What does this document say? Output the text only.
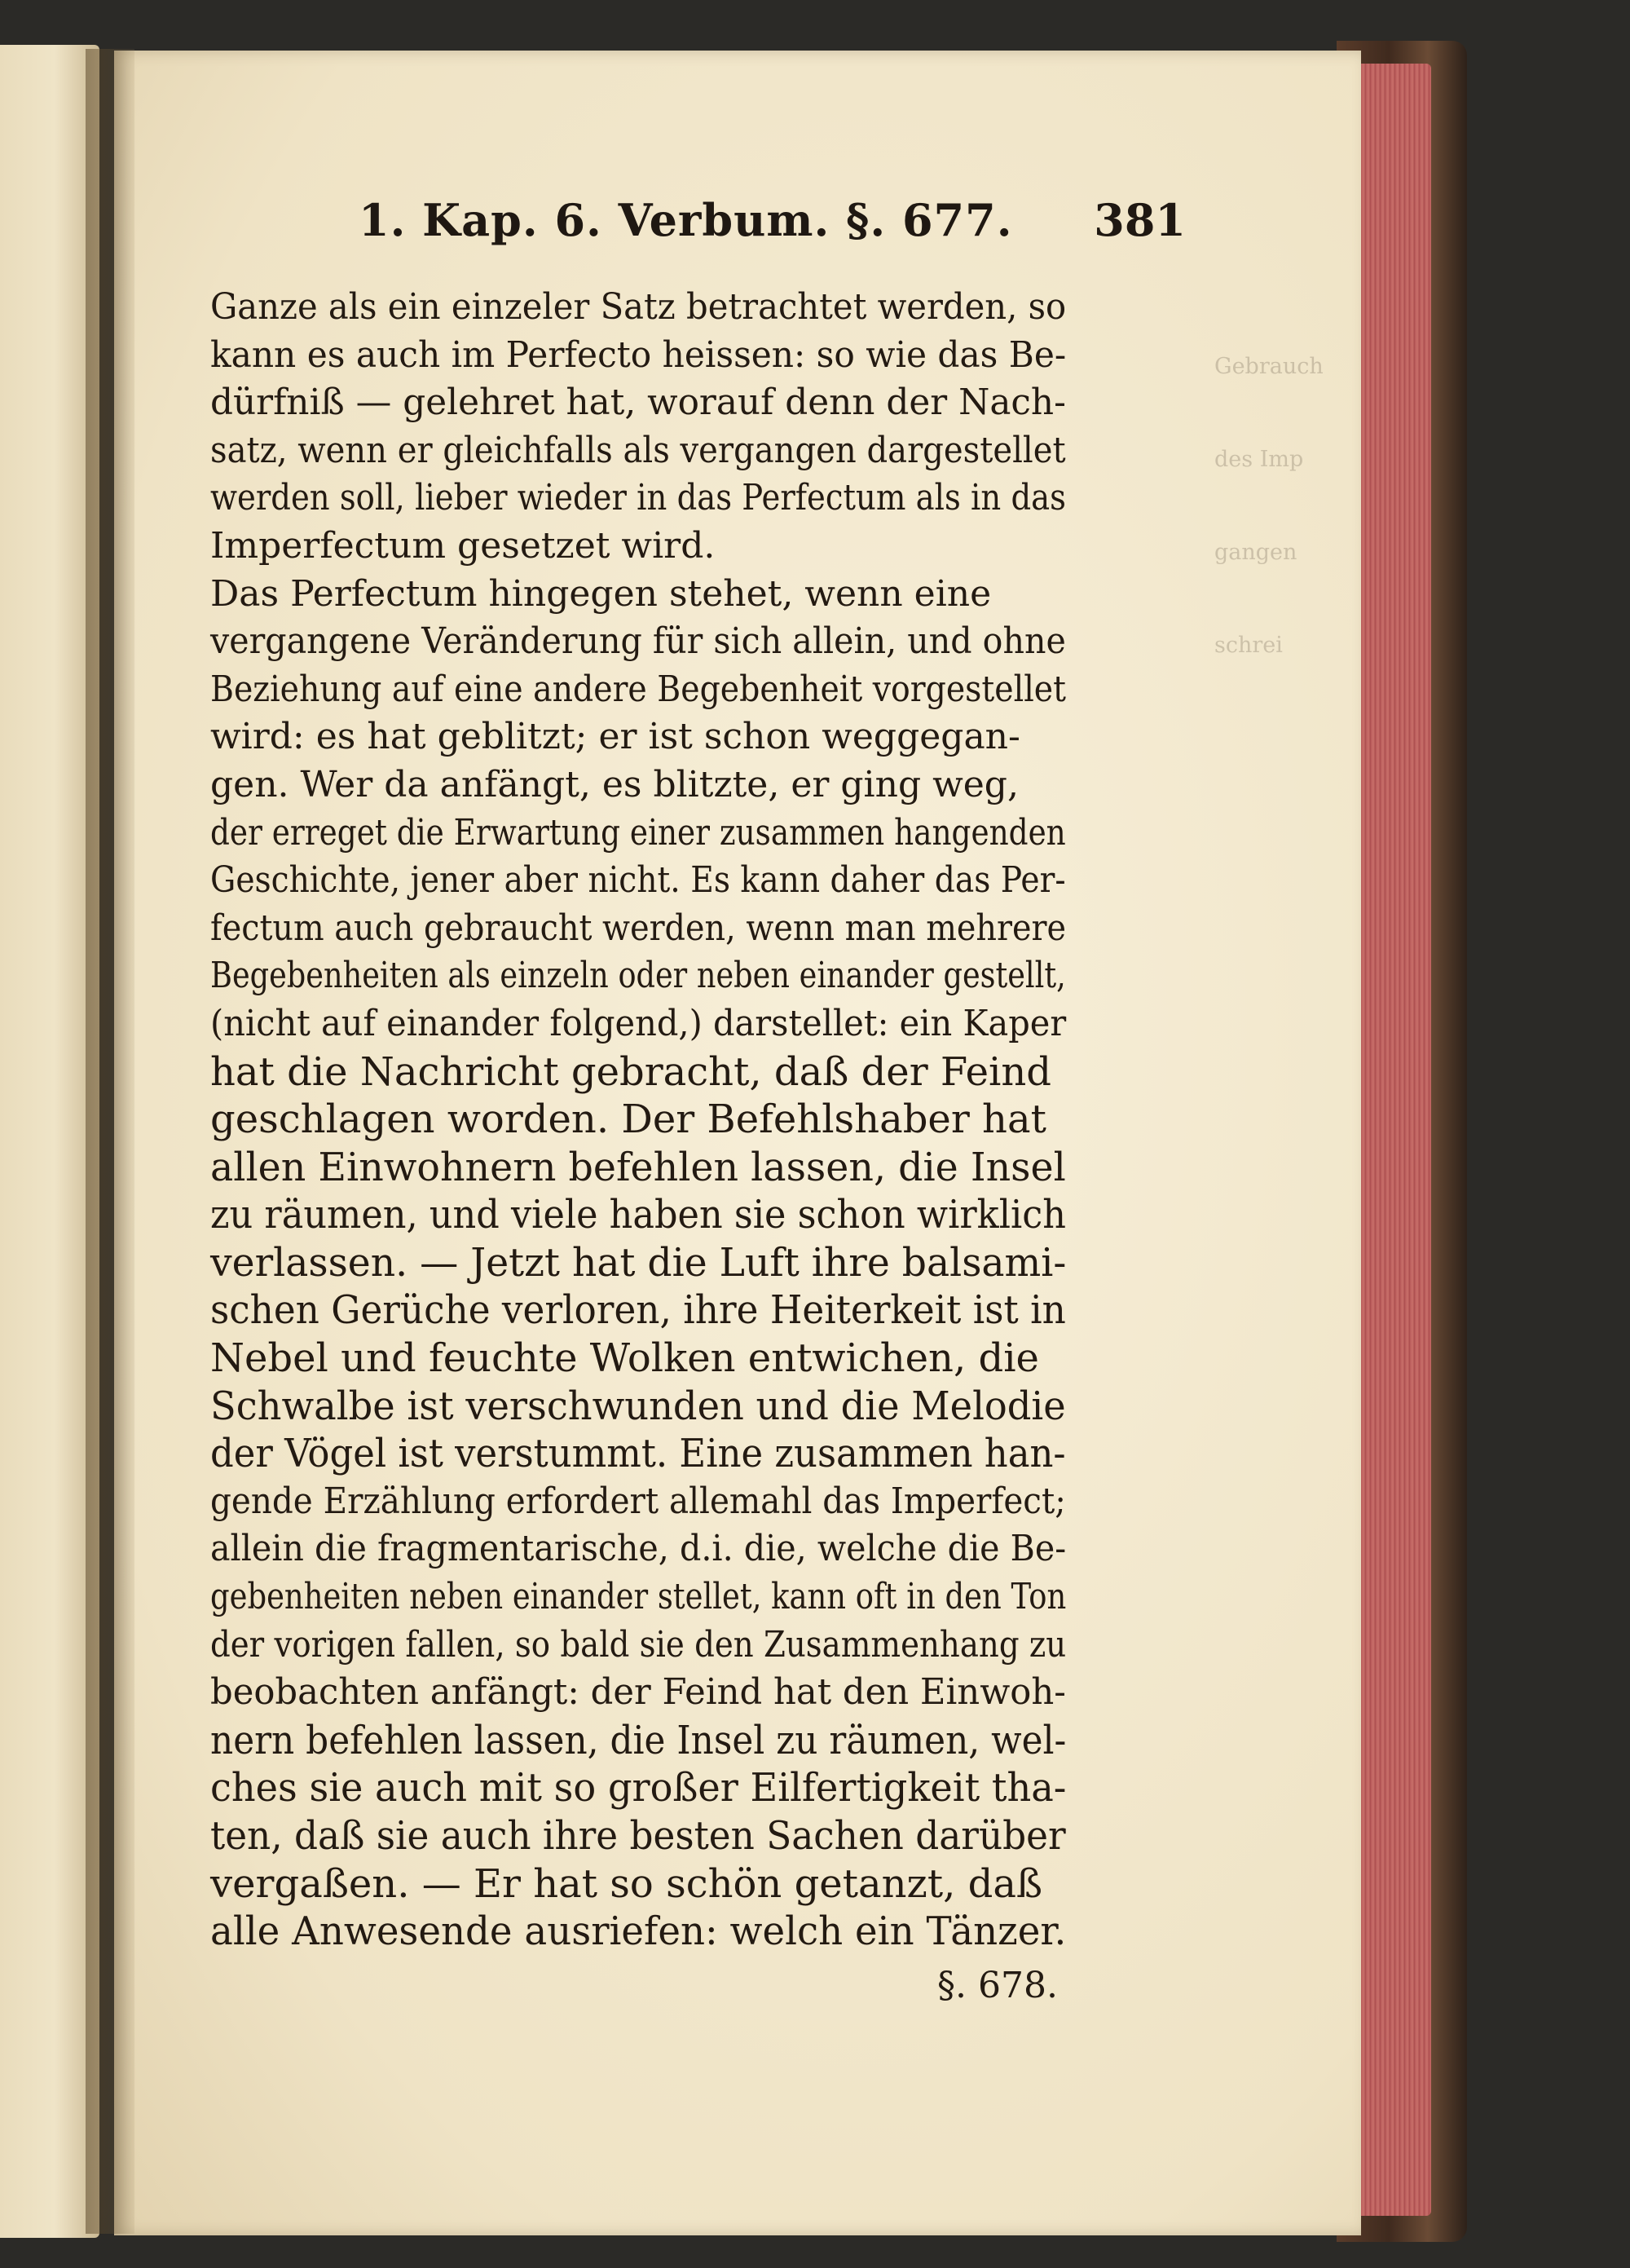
Gebrauch

des Imp

gangen

schrei

1. Kap. 6. Verbum. §. 677. 381
Ganze als ein einzeler Satz betrachtet werden, so
kann es auch im Perfecto heissen: so wie das Be-
dürfniß — gelehret hat, worauf denn der Nach-
satz, wenn er gleichfalls als vergangen dargestellet
werden soll, lieber wieder in das Perfectum als in das
Imperfectum gesetzet wird.
Das Perfectum hingegen stehet, wenn eine
vergangene Veränderung für sich allein, und ohne
Beziehung auf eine andere Begebenheit vorgestellet
wird: es hat geblitzt; er ist schon weggegan-
gen. Wer da anfängt, es blitzte, er ging weg,
der erreget die Erwartung einer zusammen hangenden
Geschichte, jener aber nicht. Es kann daher das Per-
fectum auch gebraucht werden, wenn man mehrere
Begebenheiten als einzeln oder neben einander gestellt,
(nicht auf einander folgend,) darstellet: ein Kaper
hat die Nachricht gebracht, daß der Feind
geschlagen worden. Der Befehlshaber hat
allen Einwohnern befehlen lassen, die Insel
zu räumen, und viele haben sie schon wirklich
verlassen. — Jetzt hat die Luft ihre balsami-
schen Gerüche verloren, ihre Heiterkeit ist in
Nebel und feuchte Wolken entwichen, die
Schwalbe ist verschwunden und die Melodie
der Vögel ist verstummt. Eine zusammen han-
gende Erzählung erfordert allemahl das Imperfect;
allein die fragmentarische, d.i. die, welche die Be-
gebenheiten neben einander stellet, kann oft in den Ton
der vorigen fallen, so bald sie den Zusammenhang zu
beobachten anfängt: der Feind hat den Einwoh-
nern befehlen lassen, die Insel zu räumen, wel-
ches sie auch mit so großer Eilfertigkeit tha-
ten, daß sie auch ihre besten Sachen darüber
vergaßen. — Er hat so schön getanzt, daß
alle Anwesende ausriefen: welch ein Tänzer.
§. 678.
